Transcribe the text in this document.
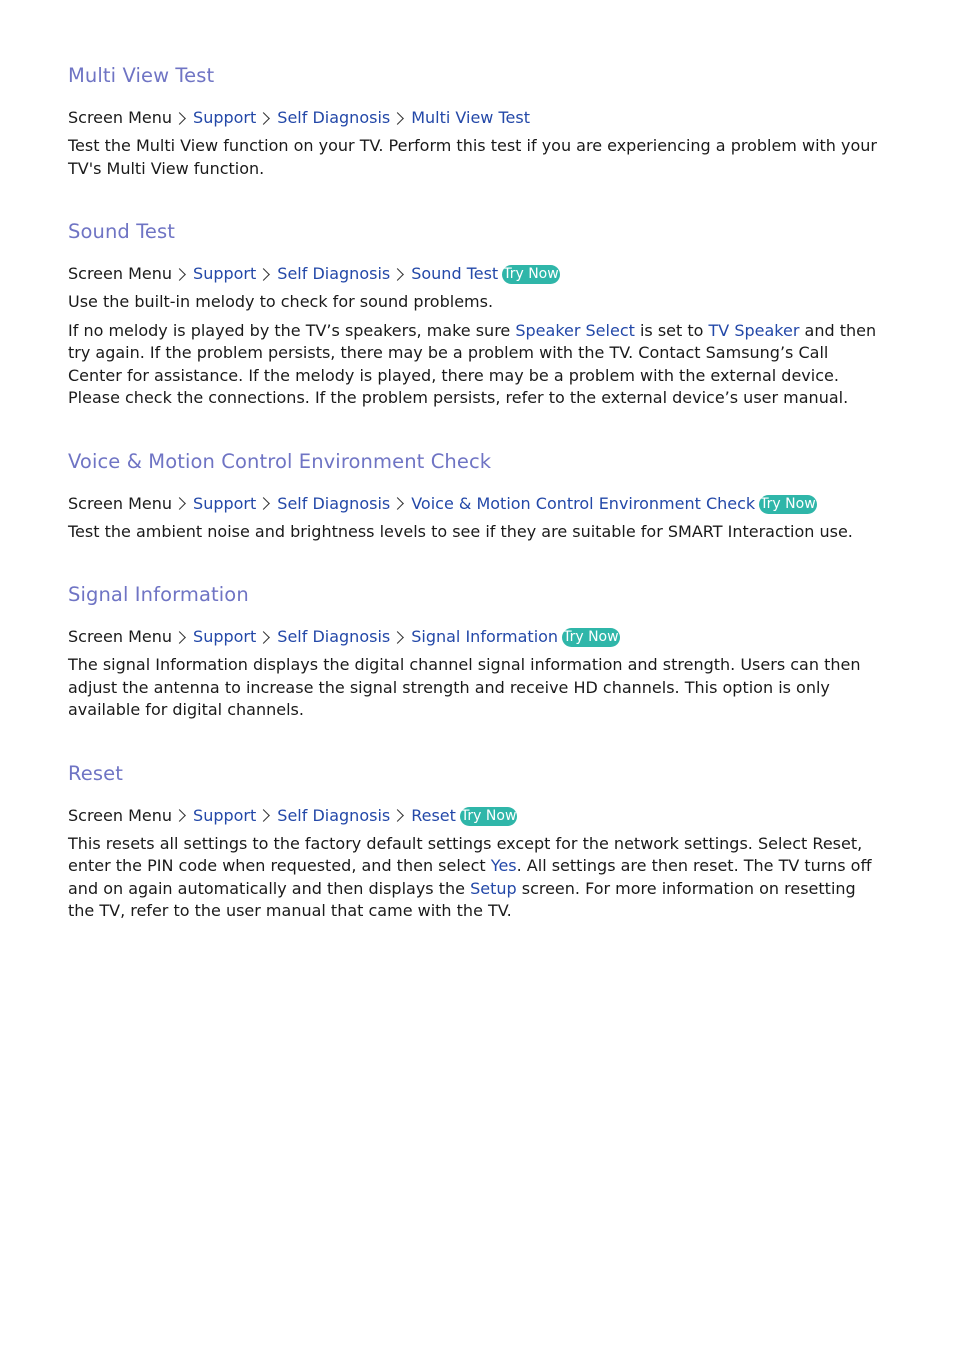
Multi View Test
Screen Menu Support Self Diagnosis Multi View Test

Test the Multi View function on your TV. Perform this test if you are experiencing a problem with your TV's Multi View function.

Sound Test
Screen Menu Support Self Diagnosis Sound Test Try Now

Use the built-in melody to check for sound problems.

If no melody is played by the TV’s speakers, make sure Speaker Select is set to TV Speaker and then try again. If the problem persists, there may be a problem with the TV. Contact Samsung’s Call Center for assistance. If the melody is played, there may be a problem with the external device. Please check the connections. If the problem persists, refer to the external device’s user manual.

Voice & Motion Control Environment Check
Screen Menu Support Self Diagnosis Voice & Motion Control Environment Check Try Now

Test the ambient noise and brightness levels to see if they are suitable for SMART Interaction use.

Signal Information
Screen Menu Support Self Diagnosis Signal Information Try Now

The signal Information displays the digital channel signal information and strength. Users can then adjust the antenna to increase the signal strength and receive HD channels. This option is only available for digital channels.

Reset
Screen Menu Support Self Diagnosis Reset Try Now

This resets all settings to the factory default settings except for the network settings. Select Reset, enter the PIN code when requested, and then select Yes. All settings are then reset. The TV turns off and on again automatically and then displays the Setup screen. For more information on resetting the TV, refer to the user manual that came with the TV.
